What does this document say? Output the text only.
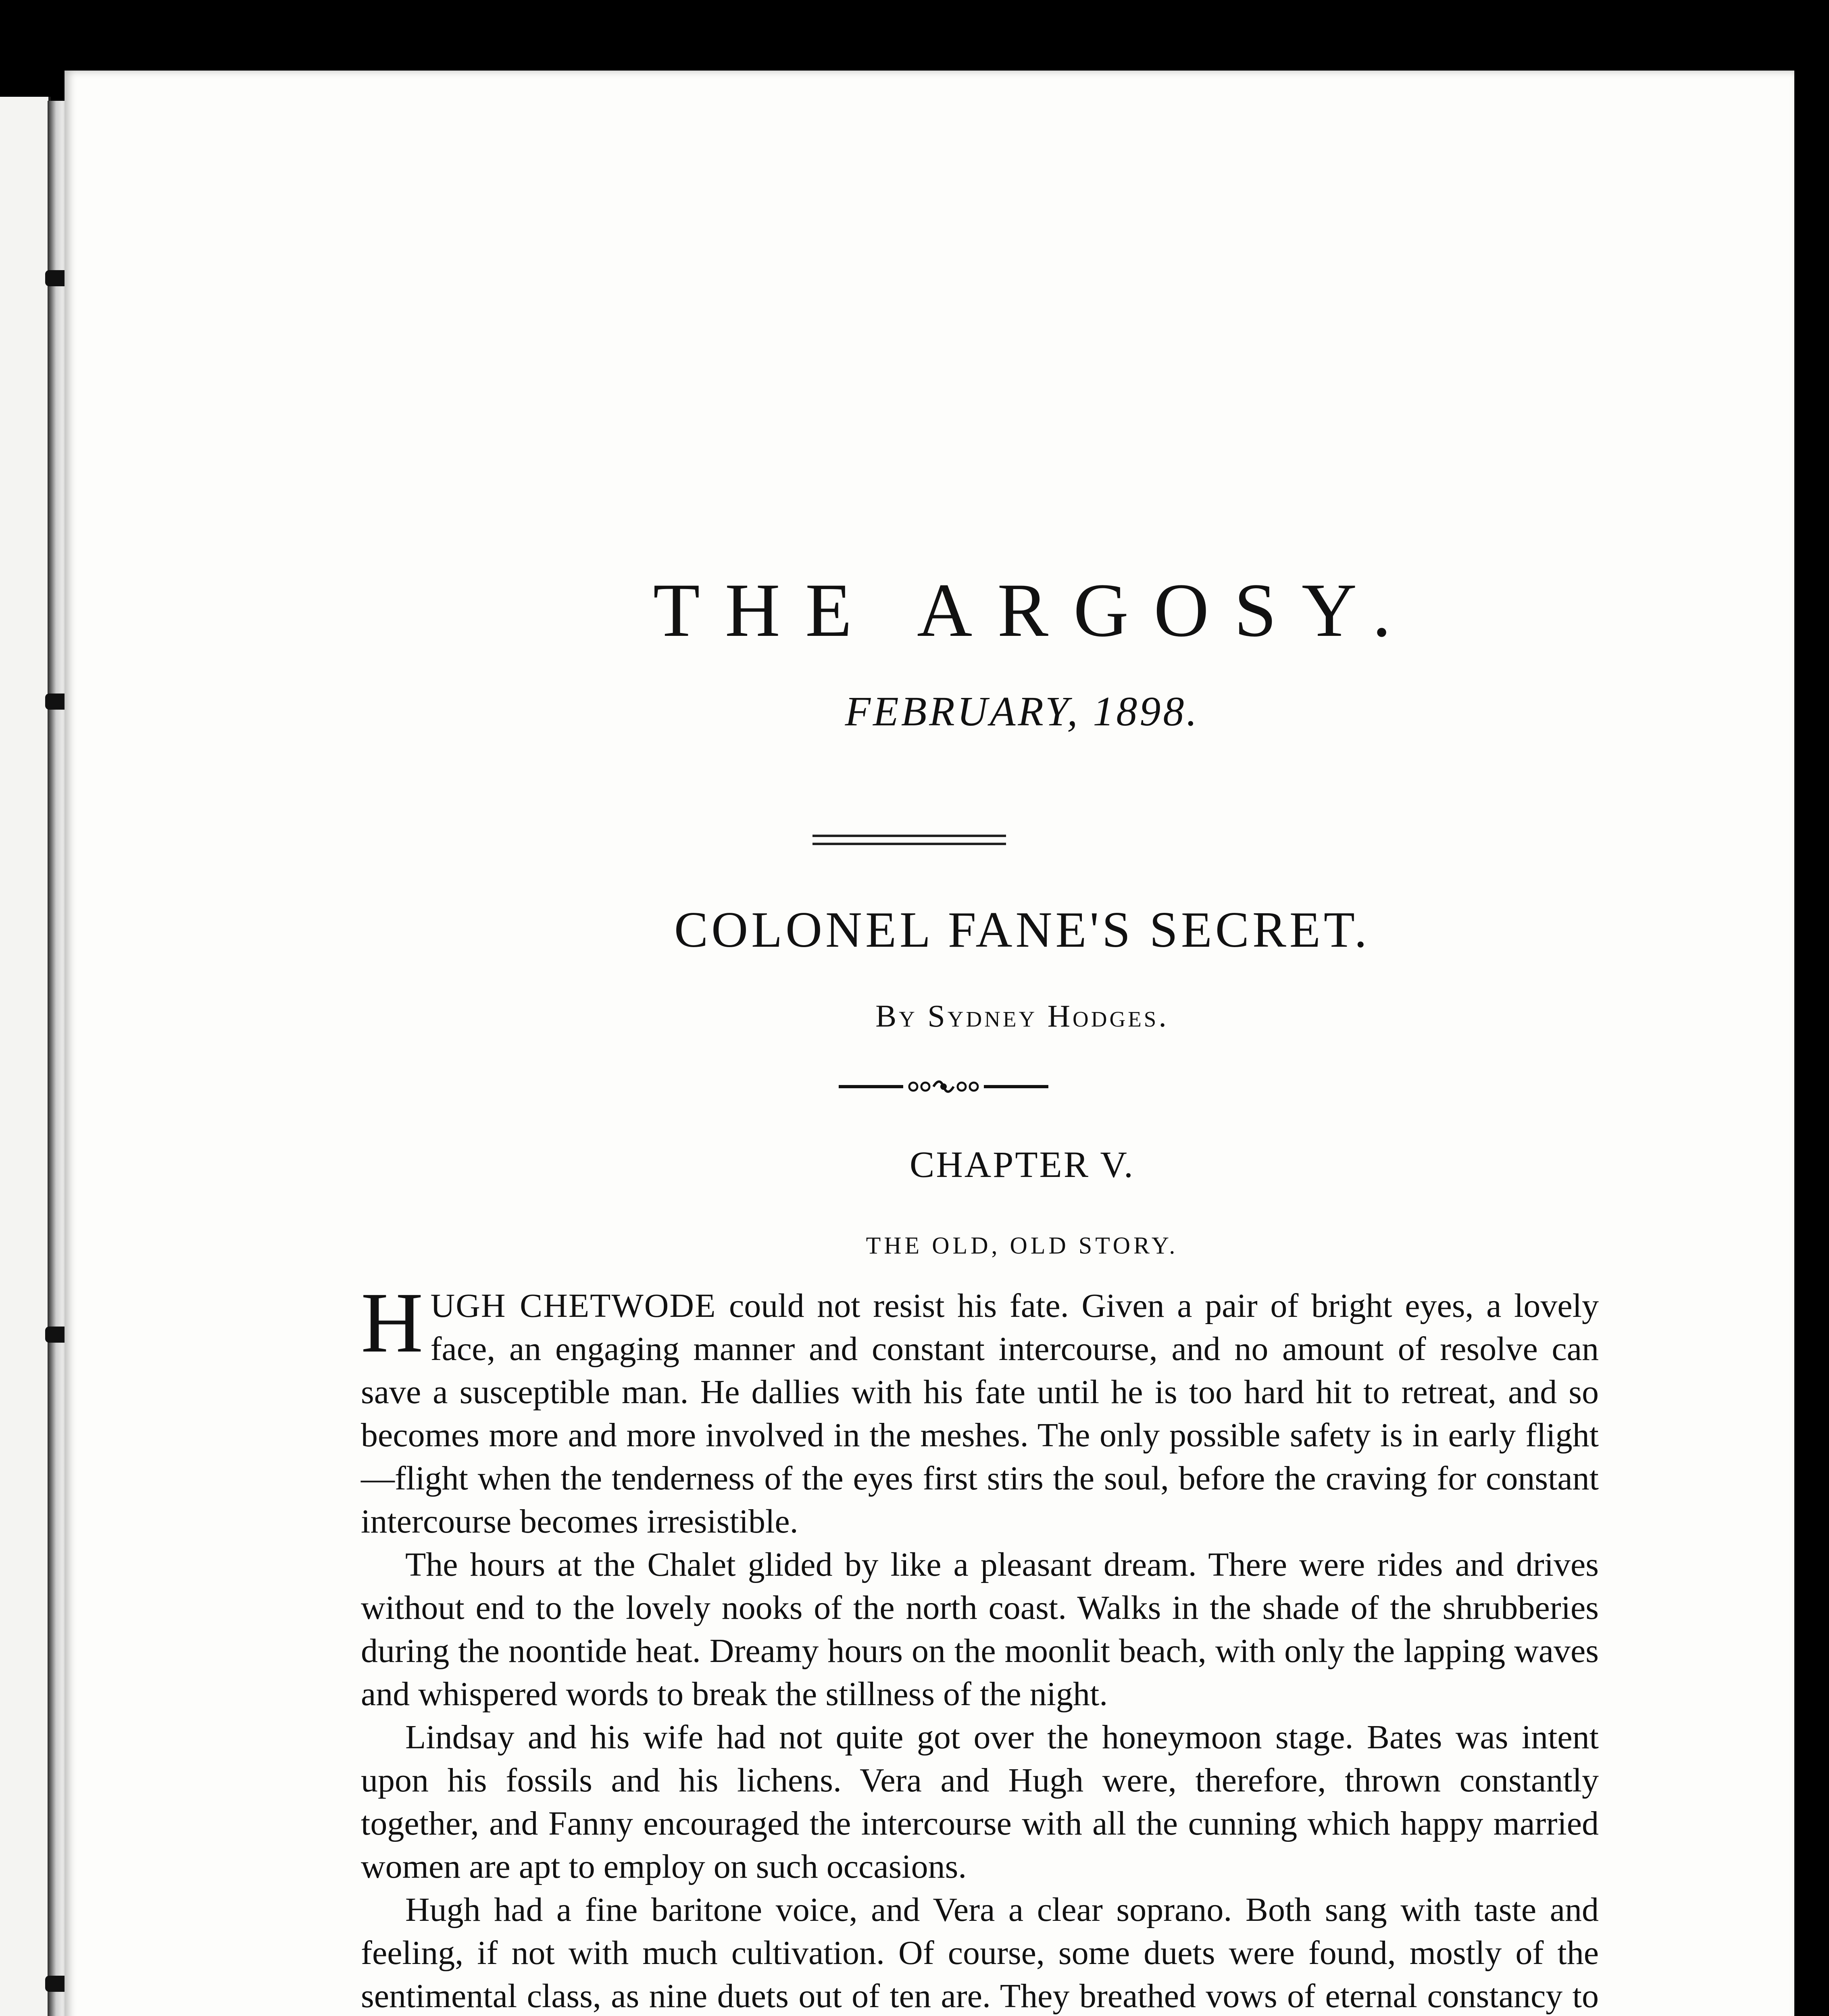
THE ARGOSY.
FEBRUARY, 1898.
COLONEL FANE'S SECRET.
By Sydney Hodges.
CHAPTER V.
THE OLD, OLD STORY.

HUGH CHETWODE could not resist his fate. Given a pair of bright eyes, a lovely face, an engaging manner and constant intercourse, and no amount of resolve can save a susceptible man. He dallies with his fate until he is too hard hit to retreat, and so becomes more and more involved in the meshes. The only possible safety is in early flight—flight when the tenderness of the eyes first stirs the soul, before the craving for constant intercourse becomes irresistible.

The hours at the Chalet glided by like a pleasant dream. There were rides and drives without end to the lovely nooks of the north coast. Walks in the shade of the shrubberies during the noontide heat. Dreamy hours on the moonlit beach, with only the lapping waves and whispered words to break the stillness of the night.

Lindsay and his wife had not quite got over the honeymoon stage. Bates was intent upon his fossils and his lichens. Vera and Hugh were, therefore, thrown constantly together, and Fanny encouraged the intercourse with all the cunning which happy married women are apt to employ on such occasions.

Hugh had a fine baritone voice, and Vera a clear soprano. Both sang with taste and feeling, if not with much cultivation. Of course, some duets were found, mostly of the sentimental class, as nine duets out of ten are. They breathed vows of eternal constancy to
